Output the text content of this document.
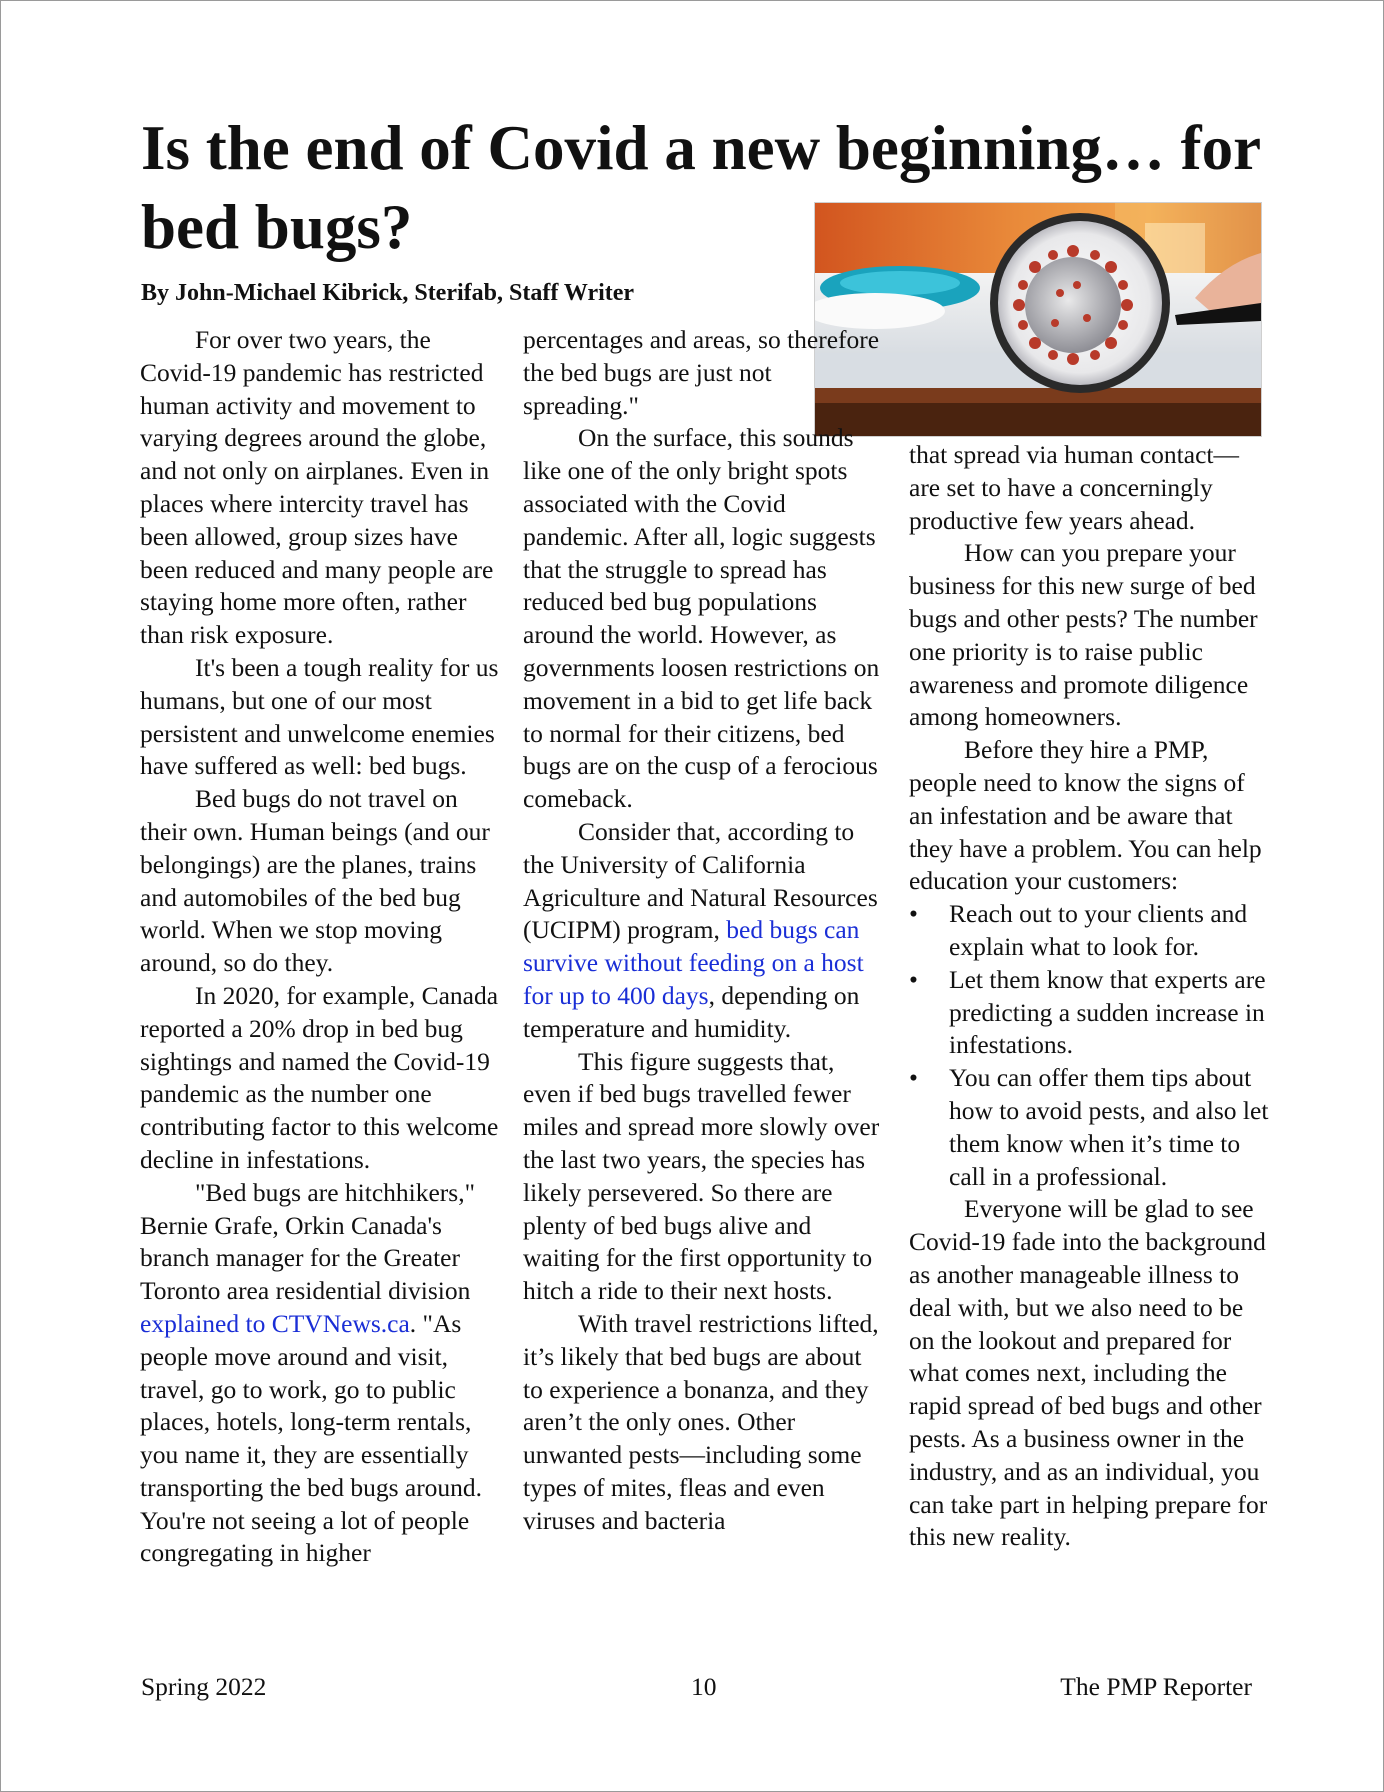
Is the end of Covid a new beginning… for bed bugs?

By John-Michael Kibrick, Sterifab, Staff Writer

For over two years, the Covid-19 pandemic has restricted human activity and movement to varying degrees around the globe, and not only on airplanes. Even in places where intercity travel has been allowed, group sizes have been reduced and many people are staying home more often, rather than risk exposure.

It's been a tough reality for us humans, but one of our most persistent and unwelcome enemies have suffered as well: bed bugs.

Bed bugs do not travel on their own. Human beings (and our belongings) are the planes, trains and automobiles of the bed bug world. When we stop moving around, so do they.

In 2020, for example, Canada reported a 20% drop in bed bug sightings and named the Covid-19 pandemic as the number one contributing factor to this welcome decline in infestations.

"Bed bugs are hitchhikers," Bernie Grafe, Orkin Canada's branch manager for the Greater Toronto area residential division explained to CTVNews.ca. "As people move around and visit, travel, go to work, go to public places, hotels, long-term rentals, you name it, they are essentially transporting the bed bugs around. You're not seeing a lot of people congregating in higher

percentages and areas, so therefore the bed bugs are just not spreading."

On the surface, this sounds like one of the only bright spots associated with the Covid pandemic. After all, logic suggests that the struggle to spread has reduced bed bug populations around the world. However, as governments loosen restrictions on movement in a bid to get life back to normal for their citizens, bed bugs are on the cusp of a ferocious comeback.

Consider that, according to the University of California Agriculture and Natural Resources (UCIPM) program, bed bugs can survive without feeding on a host for up to 400 days, depending on temperature and humidity.

This figure suggests that, even if bed bugs travelled fewer miles and spread more slowly over the last two years, the species has likely persevered. So there are plenty of bed bugs alive and waiting for the first opportunity to hitch a ride to their next hosts.

With travel restrictions lifted, it’s likely that bed bugs are about to experience a bonanza, and they aren’t the only ones. Other unwanted pests—including some types of mites, fleas and even viruses and bacteria

that spread via human contact—are set to have a concerningly productive few years ahead.

How can you prepare your business for this new surge of bed bugs and other pests? The number one priority is to raise public awareness and promote diligence among homeowners.

Before they hire a PMP, people need to know the signs of an infestation and be aware that they have a problem. You can help education your customers:

• Reach out to your clients and explain what to look for.
• Let them know that experts are predicting a sudden increase in infestations.
• You can offer them tips about how to avoid pests, and also let them know when it’s time to call in a professional.

Everyone will be glad to see Covid-19 fade into the background as another manageable illness to deal with, but we also need to be on the lookout and prepared for what comes next, including the rapid spread of bed bugs and other pests. As a business owner in the industry, and as an individual, you can take part in helping prepare for this new reality.

Spring 2022	10	The PMP Reporter
